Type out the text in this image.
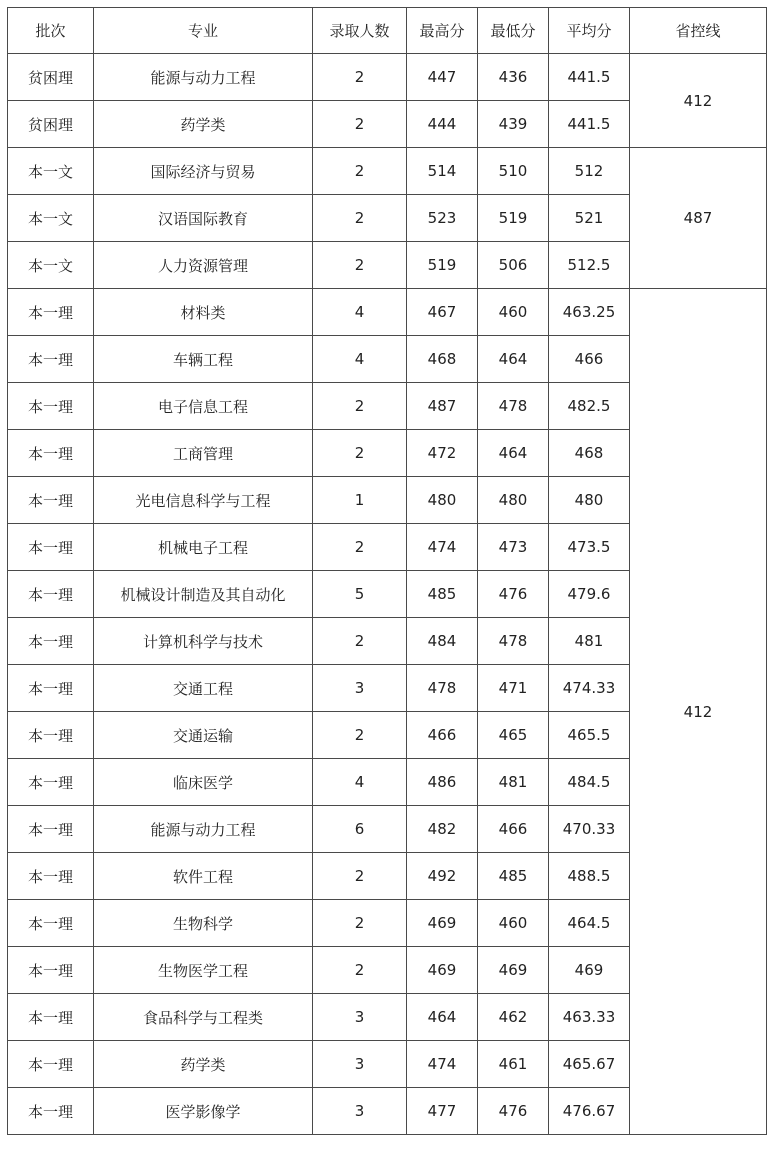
批次	专业	录取人数	最高分	最低分	平均分	省控线
贫困理	能源与动力工程	2	447	436	441.5	412
贫困理	药学类	2	444	439	441.5	
本一文	国际经济与贸易	2	514	510	512	487
本一文	汉语国际教育	2	523	519	521	
本一文	人力资源管理	2	519	506	512.5	
本一理	材料类	4	467	460	463.25	412
本一理	车辆工程	4	468	464	466	
本一理	电子信息工程	2	487	478	482.5	
本一理	工商管理	2	472	464	468	
本一理	光电信息科学与工程	1	480	480	480	
本一理	机械电子工程	2	474	473	473.5	
本一理	机械设计制造及其自动化	5	485	476	479.6	
本一理	计算机科学与技术	2	484	478	481	
本一理	交通工程	3	478	471	474.33	
本一理	交通运输	2	466	465	465.5	
本一理	临床医学	4	486	481	484.5	
本一理	能源与动力工程	6	482	466	470.33	
本一理	软件工程	2	492	485	488.5	
本一理	生物科学	2	469	460	464.5	
本一理	生物医学工程	2	469	469	469	
本一理	食品科学与工程类	3	464	462	463.33	
本一理	药学类	3	474	461	465.67	
本一理	医学影像学	3	477	476	476.67	
